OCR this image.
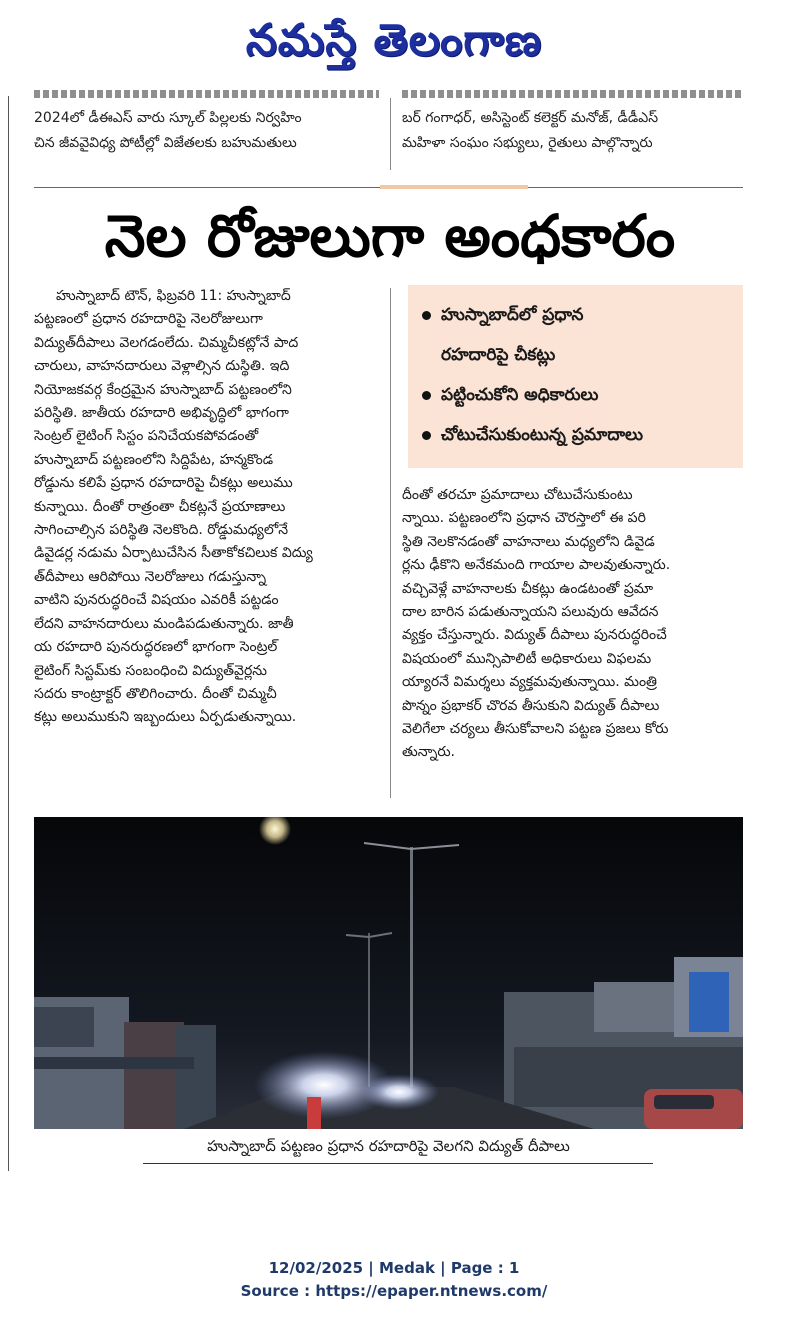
నమస్తే తెలంగాణ

2024లో డీఈఎస్ వారు స్కూల్ పిల్లలకు నిర్వహిం

చిన జీవవైవిధ్య పోటీల్లో విజేతలకు బహుమతులు

బర్ గంగాధర్, అసిస్టెంట్ కలెక్టర్ మనోజ్, డీడీఎస్

మహిళా సంఘం సభ్యులు, రైతులు పాల్గొన్నారు

నెల రోజులుగా అంధకారం

హుస్నాబాద్ టౌన్, ఫిబ్రవరి 11: హుస్నాబాద్

పట్టణంలో ప్రధాన రహదారిపై నెలరోజులుగా

విద్యుత్‌దీపాలు వెలగడంలేదు. చిమ్మచీకట్లోనే పాద

చారులు, వాహనదారులు వెళ్లాల్సిన దుస్థితి. ఇది

నియోజకవర్గ కేంద్రమైన హుస్నాబాద్ పట్టణంలోని

పరిస్థితి. జాతీయ రహదారి అభివృద్ధిలో భాగంగా

సెంట్రల్ లైటింగ్ సిస్టం పనిచేయకపోవడంతో

హుస్నాబాద్ పట్టణంలోని సిద్దిపేట, హన్మకొండ

రోడ్డును కలిపే ప్రధాన రహదారిపై చీకట్లు అలుము

కున్నాయి. దీంతో రాత్రంతా చీకట్లనే ప్రయాణాలు

సాగించాల్సిన పరిస్థితి నెలకొంది. రోడ్డుమధ్యలోనే

డివైడర్ల నడుమ ఏర్పాటుచేసిన సీతాకోకచిలుక విద్యు

త్‌దీపాలు ఆరిపోయి నెలరోజులు గడుస్తున్నా

వాటిని పునరుద్ధరించే విషయం ఎవరికీ పట్టడం

లేదని వాహనదారులు మండిపడుతున్నారు. జాతీ

య రహదారి పునరుద్ధరణలో భాగంగా సెంట్రల్

లైటింగ్ సిస్టమ్‌కు సంబంధించి విద్యుత్‌వైర్లను

సదరు కాంట్రాక్టర్ తొలిగించారు. దీంతో చిమ్మచీ

కట్లు అలుముకుని ఇబ్బందులు ఏర్పడుతున్నాయి.

హుస్నాబాద్‌లో ప్రధాన
రహదారిపై చీకట్లు
పట్టించుకోని అధికారులు
చోటుచేసుకుంటున్న ప్రమాదాలు

దీంతో తరచూ ప్రమాదాలు చోటుచేసుకుంటు

న్నాయి. పట్టణంలోని ప్రధాన చౌరస్తాలో ఈ పరి

స్థితి నెలకొనడంతో వాహనాలు మధ్యలోని డివైడ

ర్లను ఢీకొని అనేకమంది గాయాల పాలవుతున్నారు.

వచ్చివెళ్లే వాహనాలకు చీకట్లు ఉండటంతో ప్రమా

దాల బారిన పడుతున్నాయని పలువురు ఆవేదన

వ్యక్తం చేస్తున్నారు. విద్యుత్ దీపాలు పునరుద్ధరించే

విషయంలో మున్సిపాలిటీ అధికారులు విఫలమ

య్యారనే విమర్శలు వ్యక్తమవుతున్నాయి. మంత్రి

పొన్నం ప్రభాకర్ చొరవ తీసుకుని విద్యుత్ దీపాలు

వెలిగేలా చర్యలు తీసుకోవాలని పట్టణ ప్రజలు కోరు

తున్నారు.

హుస్నాబాద్ పట్టణం ప్రధాన రహదారిపై వెలగని విద్యుత్ దీపాలు
12/02/2025 | Medak | Page : 1
Source : https://epaper.ntnews.com/
